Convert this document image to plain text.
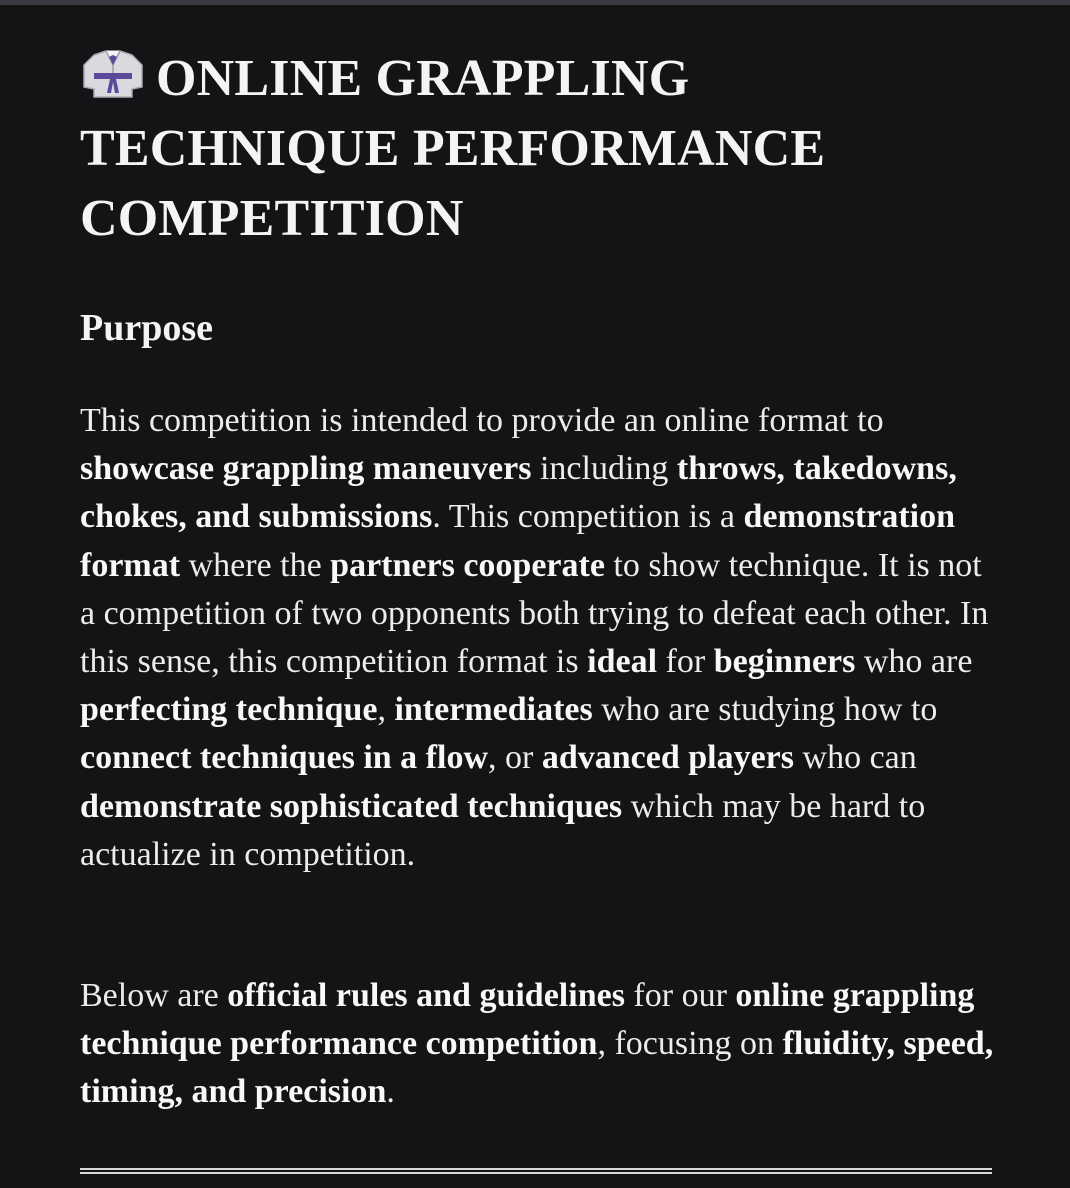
ONLINE GRAPPLING TECHNIQUE PERFORMANCE COMPETITION
Purpose

This competition is intended to provide an online format to showcase grappling maneuvers including throws, takedowns, chokes, and submissions. This competition is a demonstration format where the partners cooperate to show technique. It is not a competition of two opponents both trying to defeat each other. In this sense, this competition format is ideal for beginners who are perfecting technique, intermediates who are studying how to connect techniques in a flow, or advanced players who can demonstrate sophisticated techniques which may be hard to actualize in competition.

Below are official rules and guidelines for our online grappling technique performance competition, focusing on fluidity, speed, timing, and precision.
